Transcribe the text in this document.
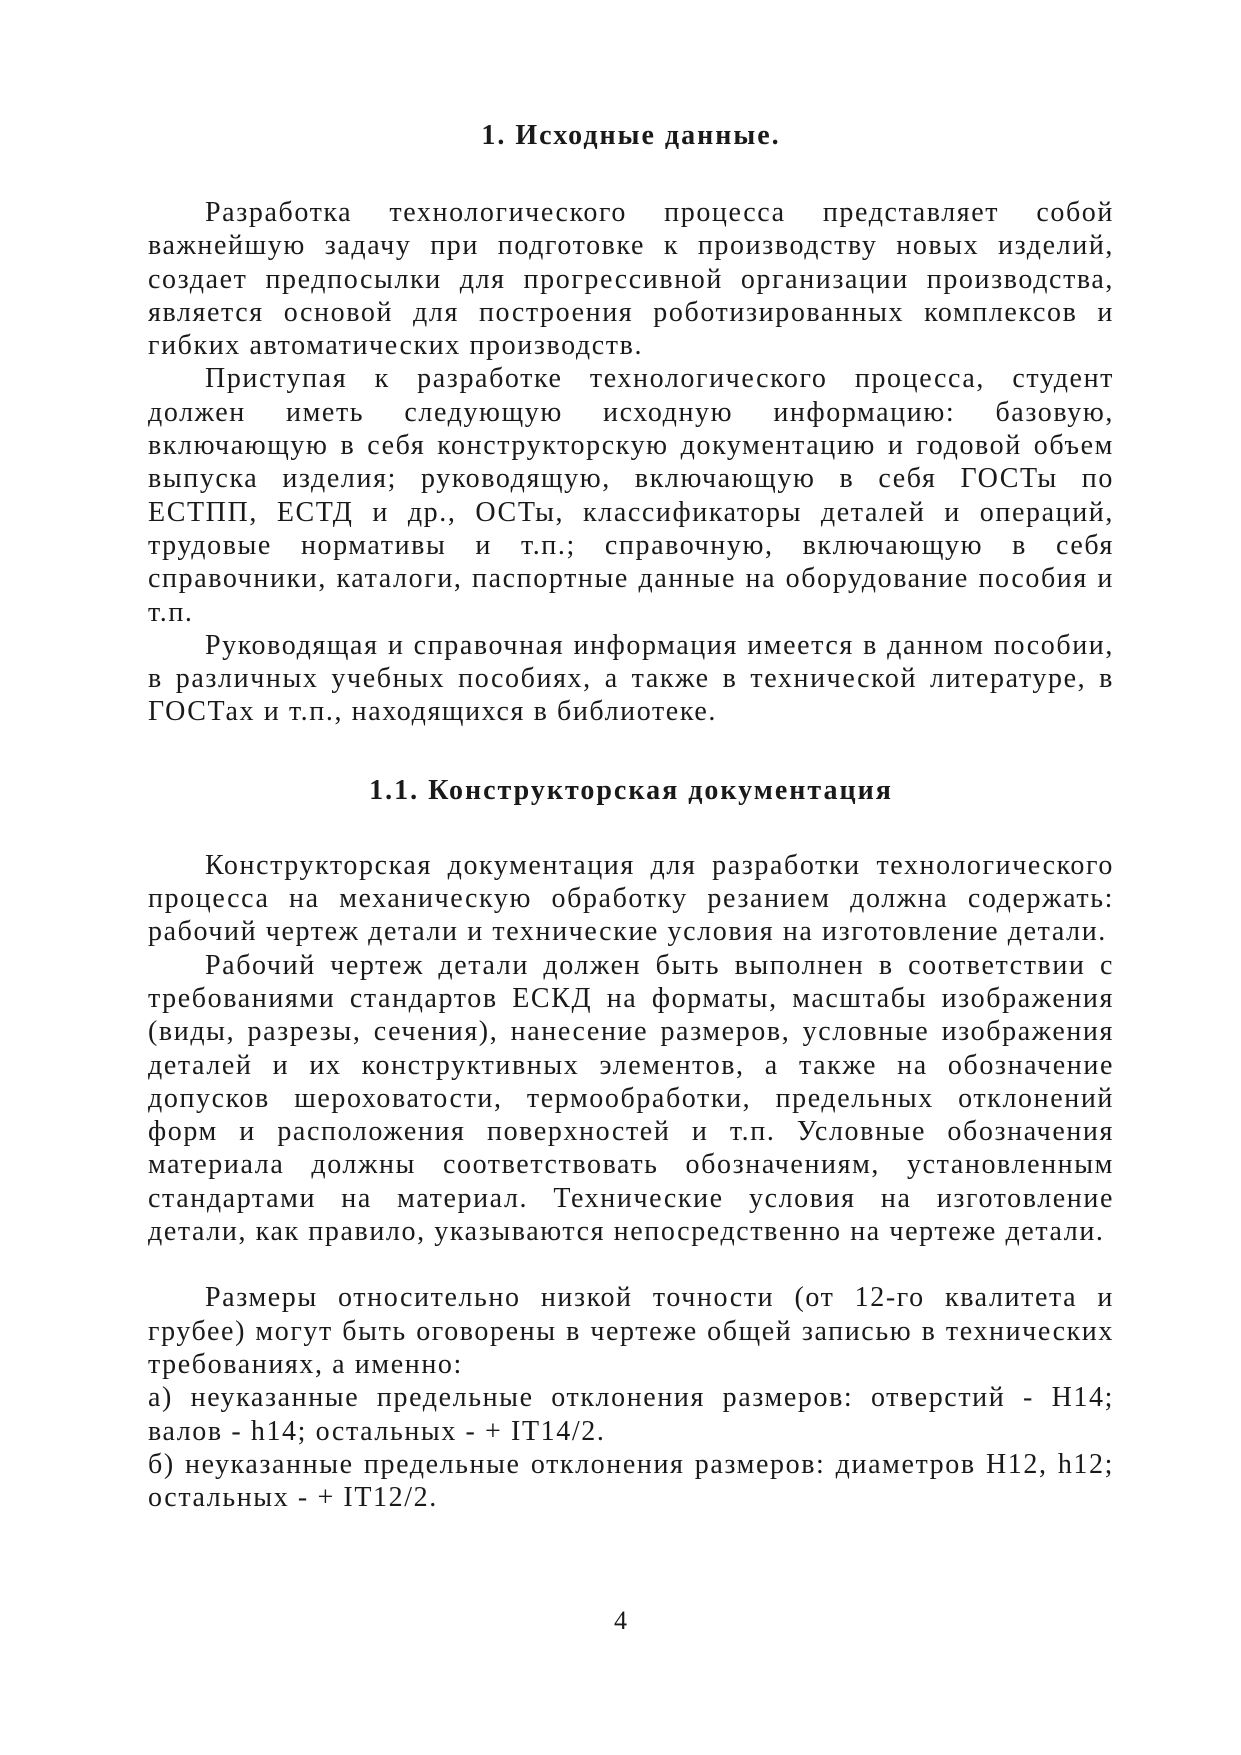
1. Исходные данные.

Разработка технологического процесса представляет собой важнейшую задачу при подготовке к производству новых изделий, создает предпосылки для прогрессивной организации производства, является основой для построения роботизированных комплексов и гибких автоматических производств.

Приступая к разработке технологического процесса, студент должен иметь следующую исходную информацию: базовую, включающую в себя конструкторскую документацию и годовой объем выпуска изделия; руководящую, включающую в себя ГОСТы по ЕСТПП, ЕСТД и др., ОСТы, классификаторы деталей и операций, трудовые нормативы и т.п.; справочную, включающую в себя справочники, каталоги, паспортные данные на оборудование пособия и т.п.

Руководящая и справочная информация имеется в данном пособии, в различных учебных пособиях, а также в технической литературе, в ГОСТах и т.п., находящихся в библиотеке.

1.1. Конструкторская документация

Конструкторская документация для разработки технологического процесса на механическую обработку резанием должна содержать: рабочий чертеж детали и технические условия на изготовление детали.

Рабочий чертеж детали должен быть выполнен в соответствии с требованиями стандартов ЕСКД на форматы, масштабы изображения (виды, разрезы, сечения), нанесение размеров, условные изображения деталей и их конструктивных элементов, а также на обозначение допусков шероховатости, термообработки, предельных отклонений форм и расположения поверхностей и т.п. Условные обозначения материала должны соответствовать обозначениям, установленным стандартами на материал. Технические условия на изготовление детали, как правило, указываются непосредственно на чертеже детали.

Размеры относительно низкой точности (от 12-го квалитета и грубее) могут быть оговорены в чертеже общей записью в технических требованиях, а именно:

а) неуказанные предельные отклонения размеров: отверстий - Н14; валов - h14; остальных - + IT14/2.

б) неуказанные предельные отклонения размеров: диаметров Н12, h12; остальных - + IT12/2.

4
